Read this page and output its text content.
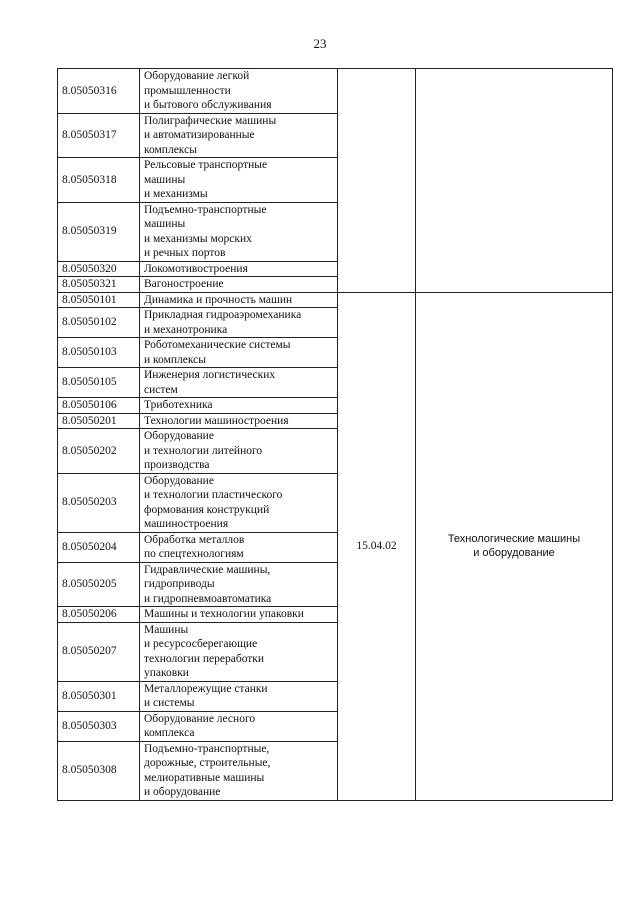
23
8.05050316	Оборудование легкой
промышленности
и бытового обслуживания		

8.05050317	Полиграфические машины
и автоматизированные
комплексы		

8.05050318	Рельсовые транспортные
машины
и механизмы		

8.05050319	Подъемно-транспортные
машины
и механизмы морских
и речных портов		

8.05050320	Локомотивостроения		

8.05050321	Вагоностроение		

8.05050101	Динамика и прочность машин	15.04.02	Технологические машины
и оборудование

8.05050102	Прикладная гидроаэромеханика
и механотроника		

8.05050103	Роботомеханические системы
и комплексы		

8.05050105	Инженерия логистических
систем		

8.05050106	Триботехника		

8.05050201	Технологии машиностроения		

8.05050202	Оборудование
и технологии литейного
производства		

8.05050203	Оборудование
и технологии пластического
формования конструкций
машиностроения		

8.05050204	Обработка металлов
по спецтехнологиям		

8.05050205	Гидравлические машины,
гидроприводы
и гидропневмоавтоматика		

8.05050206	Машины и технологии упаковки		

8.05050207	Машины
и ресурсосберегающие
технологии переработки
упаковки		

8.05050301	Металлорежущие станки
и системы		

8.05050303	Оборудование лесного
комплекса		

8.05050308	Подъемно-транспортные,
дорожные, строительные,
мелиоративные машины
и оборудование		
